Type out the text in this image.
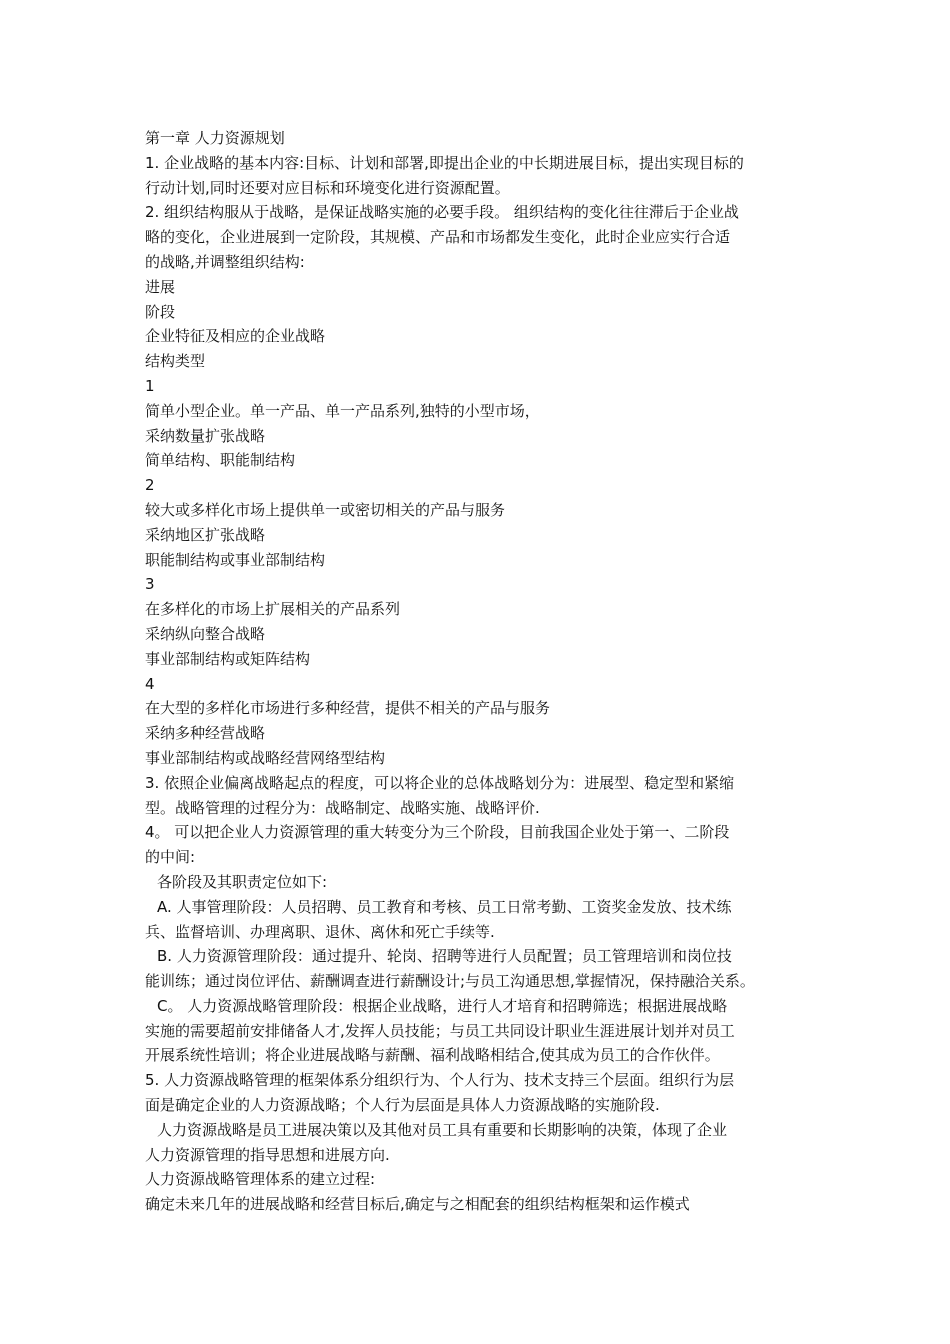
第一章 人力资源规划
1. 企业战略的基本内容:目标、计划和部署,即提出企业的中长期进展目标，提出实现目标的
行动计划,同时还要对应目标和环境变化进行资源配置。
2. 组织结构服从于战略，是保证战略实施的必要手段。 组织结构的变化往往滞后于企业战
略的变化，企业进展到一定阶段，其规模、产品和市场都发生变化，此时企业应实行合适
的战略,并调整组织结构:
进展
阶段
企业特征及相应的企业战略
结构类型
1
简单小型企业。单一产品、单一产品系列,独特的小型市场，
采纳数量扩张战略
简单结构、职能制结构
2
较大或多样化市场上提供单一或密切相关的产品与服务
采纳地区扩张战略
职能制结构或事业部制结构
3
在多样化的市场上扩展相关的产品系列
采纳纵向整合战略
事业部制结构或矩阵结构
4
在大型的多样化市场进行多种经营，提供不相关的产品与服务
采纳多种经营战略
事业部制结构或战略经营网络型结构
3. 依照企业偏离战略起点的程度，可以将企业的总体战略划分为：进展型、稳定型和紧缩
型。战略管理的过程分为：战略制定、战略实施、战略评价.
4。 可以把企业人力资源管理的重大转变分为三个阶段，目前我国企业处于第一、二阶段
的中间:
各阶段及其职责定位如下:
A. 人事管理阶段：人员招聘、员工教育和考核、员工日常考勤、工资奖金发放、技术练
兵、监督培训、办理离职、退休、离休和死亡手续等.
B. 人力资源管理阶段：通过提升、轮岗、招聘等进行人员配置；员工管理培训和岗位技
能训练；通过岗位评估、薪酬调查进行薪酬设计;与员工沟通思想,掌握情况，保持融洽关系。
C。 人力资源战略管理阶段：根据企业战略，进行人才培育和招聘筛选；根据进展战略
实施的需要超前安排储备人才,发挥人员技能；与员工共同设计职业生涯进展计划并对员工
开展系统性培训；将企业进展战略与薪酬、福利战略相结合,使其成为员工的合作伙伴。
5. 人力资源战略管理的框架体系分组织行为、个人行为、技术支持三个层面。组织行为层
面是确定企业的人力资源战略；个人行为层面是具体人力资源战略的实施阶段.
人力资源战略是员工进展决策以及其他对员工具有重要和长期影响的决策，体现了企业
人力资源管理的指导思想和进展方向.
人力资源战略管理体系的建立过程:
确定未来几年的进展战略和经营目标后,确定与之相配套的组织结构框架和运作模式
